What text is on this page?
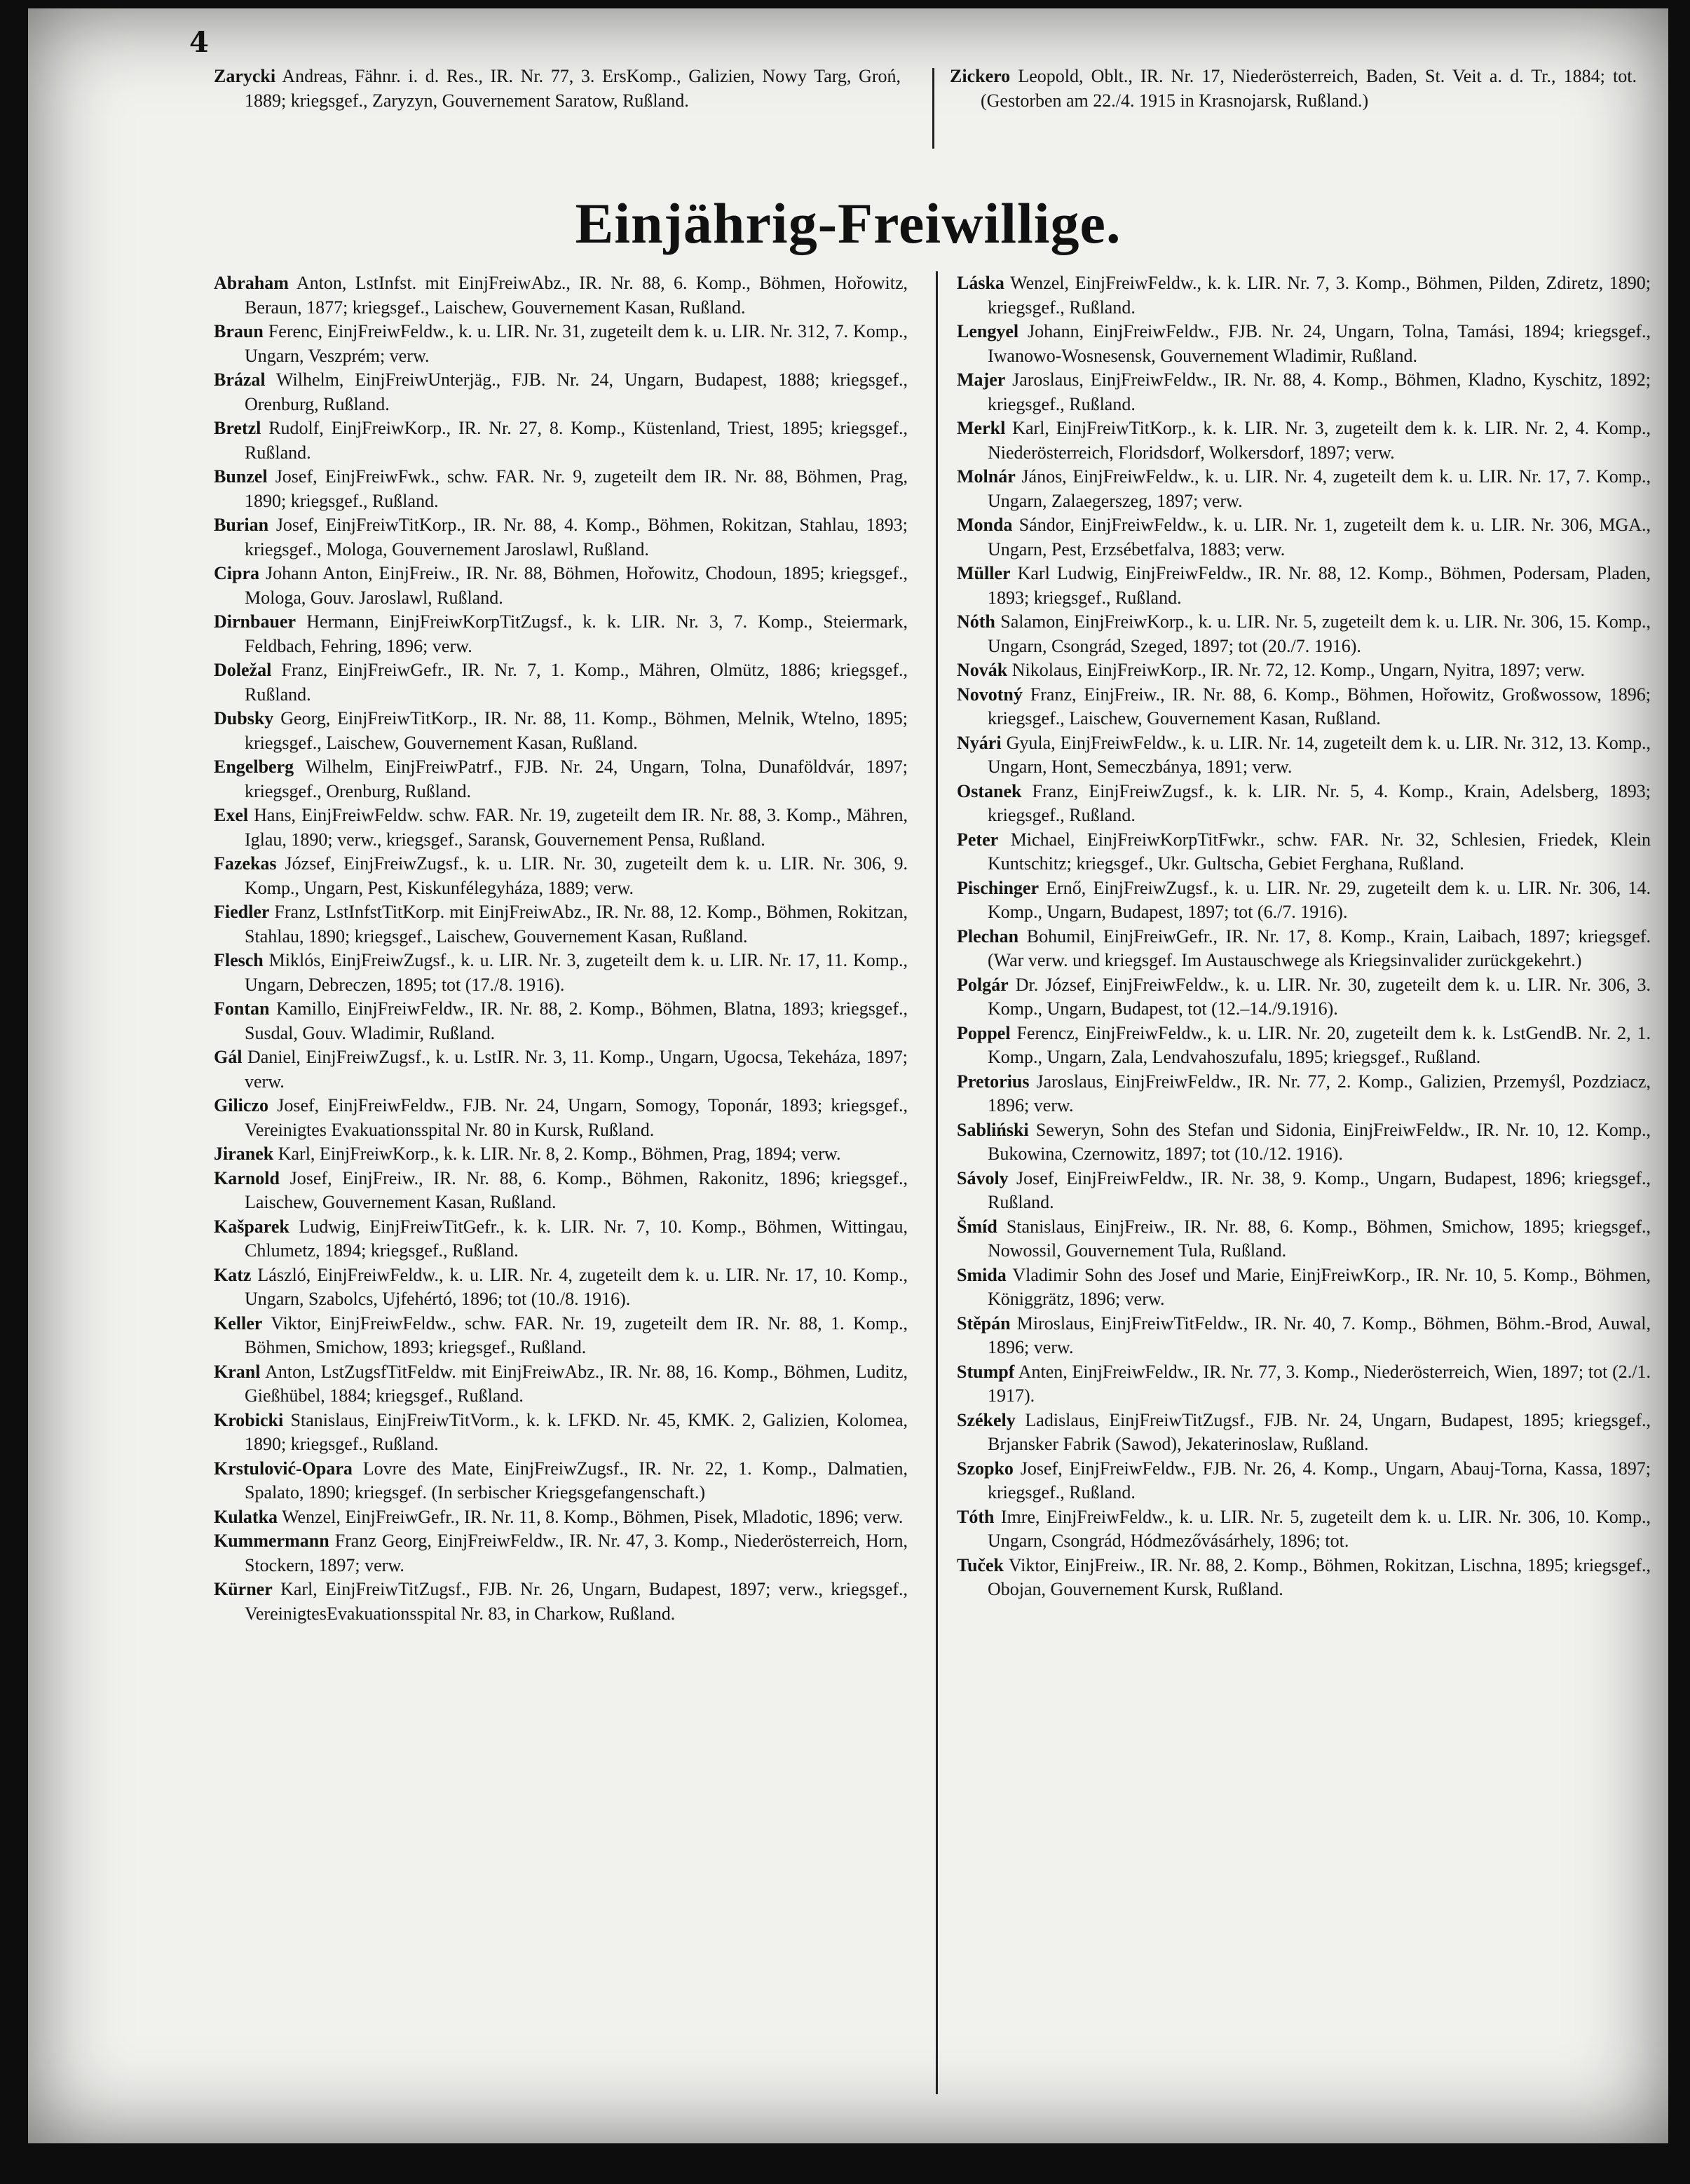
4

Zarycki Andreas, Fähnr. i. d. Res., IR. Nr. 77, 3. ErsKomp., Galizien, Nowy Targ, Groń, 1889; kriegsgef., Zaryzyn, Gouvernement Saratow, Rußland.

Zickero Leopold, Oblt., IR. Nr. 17, Niederösterreich, Baden, St. Veit a. d. Tr., 1884; tot. (Gestorben am 22./4. 1915 in Krasnojarsk, Rußland.)

Einjährig-Freiwillige.

Abraham Anton, LstInfst. mit EinjFreiwAbz., IR. Nr. 88, 6. Komp., Böhmen, Hořowitz, Beraun, 1877; kriegsgef., Laischew, Gouvernement Kasan, Rußland.

Braun Ferenc, EinjFreiwFeldw., k. u. LIR. Nr. 31, zugeteilt dem k. u. LIR. Nr. 312, 7. Komp., Ungarn, Veszprém; verw.

Brázal Wilhelm, EinjFreiwUnterjäg., FJB. Nr. 24, Ungarn, Budapest, 1888; kriegsgef., Orenburg, Rußland.

Bretzl Rudolf, EinjFreiwKorp., IR. Nr. 27, 8. Komp., Küstenland, Triest, 1895; kriegsgef., Rußland.

Bunzel Josef, EinjFreiwFwk., schw. FAR. Nr. 9, zugeteilt dem IR. Nr. 88, Böhmen, Prag, 1890; kriegsgef., Rußland.

Burian Josef, EinjFreiwTitKorp., IR. Nr. 88, 4. Komp., Böhmen, Rokitzan, Stahlau, 1893; kriegsgef., Mologa, Gouvernement Jaroslawl, Rußland.

Cipra Johann Anton, EinjFreiw., IR. Nr. 88, Böhmen, Hořowitz, Chodoun, 1895; kriegsgef., Mologa, Gouv. Jaroslawl, Rußland.

Dirnbauer Hermann, EinjFreiwKorpTitZugsf., k. k. LIR. Nr. 3, 7. Komp., Steiermark, Feldbach, Fehring, 1896; verw.

Doležal Franz, EinjFreiwGefr., IR. Nr. 7, 1. Komp., Mähren, Olmütz, 1886; kriegsgef., Rußland.

Dubsky Georg, EinjFreiwTitKorp., IR. Nr. 88, 11. Komp., Böhmen, Melnik, Wtelno, 1895; kriegsgef., Laischew, Gouvernement Kasan, Rußland.

Engelberg Wilhelm, EinjFreiwPatrf., FJB. Nr. 24, Ungarn, Tolna, Dunaföldvár, 1897; kriegsgef., Orenburg, Rußland.

Exel Hans, EinjFreiwFeldw. schw. FAR. Nr. 19, zugeteilt dem IR. Nr. 88, 3. Komp., Mähren, Iglau, 1890; verw., kriegsgef., Saransk, Gouvernement Pensa, Rußland.

Fazekas József, EinjFreiwZugsf., k. u. LIR. Nr. 30, zugeteilt dem k. u. LIR. Nr. 306, 9. Komp., Ungarn, Pest, Kiskunfélegyháza, 1889; verw.

Fiedler Franz, LstInfstTitKorp. mit EinjFreiwAbz., IR. Nr. 88, 12. Komp., Böhmen, Rokitzan, Stahlau, 1890; kriegsgef., Laischew, Gouvernement Kasan, Rußland.

Flesch Miklós, EinjFreiwZugsf., k. u. LIR. Nr. 3, zugeteilt dem k. u. LIR. Nr. 17, 11. Komp., Ungarn, Debreczen, 1895; tot (17./8. 1916).

Fontan Kamillo, EinjFreiwFeldw., IR. Nr. 88, 2. Komp., Böhmen, Blatna, 1893; kriegsgef., Susdal, Gouv. Wladimir, Rußland.

Gál Daniel, EinjFreiwZugsf., k. u. LstIR. Nr. 3, 11. Komp., Ungarn, Ugocsa, Tekeháza, 1897; verw.

Giliczo Josef, EinjFreiwFeldw., FJB. Nr. 24, Ungarn, Somogy, Toponár, 1893; kriegsgef., Vereinigtes Evakuationsspital Nr. 80 in Kursk, Rußland.

Jiranek Karl, EinjFreiwKorp., k. k. LIR. Nr. 8, 2. Komp., Böhmen, Prag, 1894; verw.

Karnold Josef, EinjFreiw., IR. Nr. 88, 6. Komp., Böhmen, Rakonitz, 1896; kriegsgef., Laischew, Gouvernement Kasan, Rußland.

Kašparek Ludwig, EinjFreiwTitGefr., k. k. LIR. Nr. 7, 10. Komp., Böhmen, Wittingau, Chlumetz, 1894; kriegsgef., Rußland.

Katz László, EinjFreiwFeldw., k. u. LIR. Nr. 4, zugeteilt dem k. u. LIR. Nr. 17, 10. Komp., Ungarn, Szabolcs, Ujfehértó, 1896; tot (10./8. 1916).

Keller Viktor, EinjFreiwFeldw., schw. FAR. Nr. 19, zugeteilt dem IR. Nr. 88, 1. Komp., Böhmen, Smichow, 1893; kriegsgef., Rußland.

Kranl Anton, LstZugsfTitFeldw. mit EinjFreiwAbz., IR. Nr. 88, 16. Komp., Böhmen, Luditz, Gießhübel, 1884; kriegsgef., Rußland.

Krobicki Stanislaus, EinjFreiwTitVorm., k. k. LFKD. Nr. 45, KMK. 2, Galizien, Kolomea, 1890; kriegsgef., Rußland.

Krstulović-Opara Lovre des Mate, EinjFreiwZugsf., IR. Nr. 22, 1. Komp., Dalmatien, Spalato, 1890; kriegsgef. (In serbischer Kriegsgefangenschaft.)

Kulatka Wenzel, EinjFreiwGefr., IR. Nr. 11, 8. Komp., Böhmen, Pisek, Mladotic, 1896; verw.

Kummermann Franz Georg, EinjFreiwFeldw., IR. Nr. 47, 3. Komp., Niederösterreich, Horn, Stockern, 1897; verw.

Kürner Karl, EinjFreiwTitZugsf., FJB. Nr. 26, Ungarn, Budapest, 1897; verw., kriegsgef., VereinigtesEvakuationsspital Nr. 83, in Charkow, Rußland.

Láska Wenzel, EinjFreiwFeldw., k. k. LIR. Nr. 7, 3. Komp., Böhmen, Pilden, Zdiretz, 1890; kriegsgef., Rußland.

Lengyel Johann, EinjFreiwFeldw., FJB. Nr. 24, Ungarn, Tolna, Tamási, 1894; kriegsgef., Iwanowo-Wosnesensk, Gouvernement Wladimir, Rußland.

Majer Jaroslaus, EinjFreiwFeldw., IR. Nr. 88, 4. Komp., Böhmen, Kladno, Kyschitz, 1892; kriegsgef., Rußland.

Merkl Karl, EinjFreiwTitKorp., k. k. LIR. Nr. 3, zugeteilt dem k. k. LIR. Nr. 2, 4. Komp., Niederösterreich, Floridsdorf, Wolkersdorf, 1897; verw.

Molnár János, EinjFreiwFeldw., k. u. LIR. Nr. 4, zugeteilt dem k. u. LIR. Nr. 17, 7. Komp., Ungarn, Zalaegerszeg, 1897; verw.

Monda Sándor, EinjFreiwFeldw., k. u. LIR. Nr. 1, zugeteilt dem k. u. LIR. Nr. 306, MGA., Ungarn, Pest, Erzsébetfalva, 1883; verw.

Müller Karl Ludwig, EinjFreiwFeldw., IR. Nr. 88, 12. Komp., Böhmen, Podersam, Pladen, 1893; kriegsgef., Rußland.

Nóth Salamon, EinjFreiwKorp., k. u. LIR. Nr. 5, zugeteilt dem k. u. LIR. Nr. 306, 15. Komp., Ungarn, Csongrád, Szeged, 1897; tot (20./7. 1916).

Novák Nikolaus, EinjFreiwKorp., IR. Nr. 72, 12. Komp., Ungarn, Nyitra, 1897; verw.

Novotný Franz, EinjFreiw., IR. Nr. 88, 6. Komp., Böhmen, Hořowitz, Großwossow, 1896; kriegsgef., Laischew, Gouvernement Kasan, Rußland.

Nyári Gyula, EinjFreiwFeldw., k. u. LIR. Nr. 14, zugeteilt dem k. u. LIR. Nr. 312, 13. Komp., Ungarn, Hont, Semeczbánya, 1891; verw.

Ostanek Franz, EinjFreiwZugsf., k. k. LIR. Nr. 5, 4. Komp., Krain, Adelsberg, 1893; kriegsgef., Rußland.

Peter Michael, EinjFreiwKorpTitFwkr., schw. FAR. Nr. 32, Schlesien, Friedek, Klein Kuntschitz; kriegsgef., Ukr. Gultscha, Gebiet Ferghana, Rußland.

Pischinger Ernő, EinjFreiwZugsf., k. u. LIR. Nr. 29, zugeteilt dem k. u. LIR. Nr. 306, 14. Komp., Ungarn, Budapest, 1897; tot (6./7. 1916).

Plechan Bohumil, EinjFreiwGefr., IR. Nr. 17, 8. Komp., Krain, Laibach, 1897; kriegsgef. (War verw. und kriegsgef. Im Austauschwege als Kriegsinvalider zurückgekehrt.)

Polgár Dr. József, EinjFreiwFeldw., k. u. LIR. Nr. 30, zugeteilt dem k. u. LIR. Nr. 306, 3. Komp., Ungarn, Budapest, tot (12.–14./9.1916).

Poppel Ferencz, EinjFreiwFeldw., k. u. LIR. Nr. 20, zugeteilt dem k. k. LstGendB. Nr. 2, 1. Komp., Ungarn, Zala, Lendvahoszufalu, 1895; kriegsgef., Rußland.

Pretorius Jaroslaus, EinjFreiwFeldw., IR. Nr. 77, 2. Komp., Galizien, Przemyśl, Pozdziacz, 1896; verw.

Sabliński Seweryn, Sohn des Stefan und Sidonia, EinjFreiwFeldw., IR. Nr. 10, 12. Komp., Bukowina, Czernowitz, 1897; tot (10./12. 1916).

Sávoly Josef, EinjFreiwFeldw., IR. Nr. 38, 9. Komp., Ungarn, Budapest, 1896; kriegsgef., Rußland.

Šmíd Stanislaus, EinjFreiw., IR. Nr. 88, 6. Komp., Böhmen, Smichow, 1895; kriegsgef., Nowossil, Gouvernement Tula, Rußland.

Smida Vladimir Sohn des Josef und Marie, EinjFreiwKorp., IR. Nr. 10, 5. Komp., Böhmen, Königgrätz, 1896; verw.

Stěpán Miroslaus, EinjFreiwTitFeldw., IR. Nr. 40, 7. Komp., Böhmen, Böhm.-Brod, Auwal, 1896; verw.

Stumpf Anten, EinjFreiwFeldw., IR. Nr. 77, 3. Komp., Niederösterreich, Wien, 1897; tot (2./1. 1917).

Székely Ladislaus, EinjFreiwTitZugsf., FJB. Nr. 24, Ungarn, Budapest, 1895; kriegsgef., Brjansker Fabrik (Sawod), Jekaterinoslaw, Rußland.

Szopko Josef, EinjFreiwFeldw., FJB. Nr. 26, 4. Komp., Ungarn, Abauj-Torna, Kassa, 1897; kriegsgef., Rußland.

Tóth Imre, EinjFreiwFeldw., k. u. LIR. Nr. 5, zugeteilt dem k. u. LIR. Nr. 306, 10. Komp., Ungarn, Csongrád, Hódmezővásárhely, 1896; tot.

Tuček Viktor, EinjFreiw., IR. Nr. 88, 2. Komp., Böhmen, Rokitzan, Lischna, 1895; kriegsgef., Obojan, Gouvernement Kursk, Rußland.
